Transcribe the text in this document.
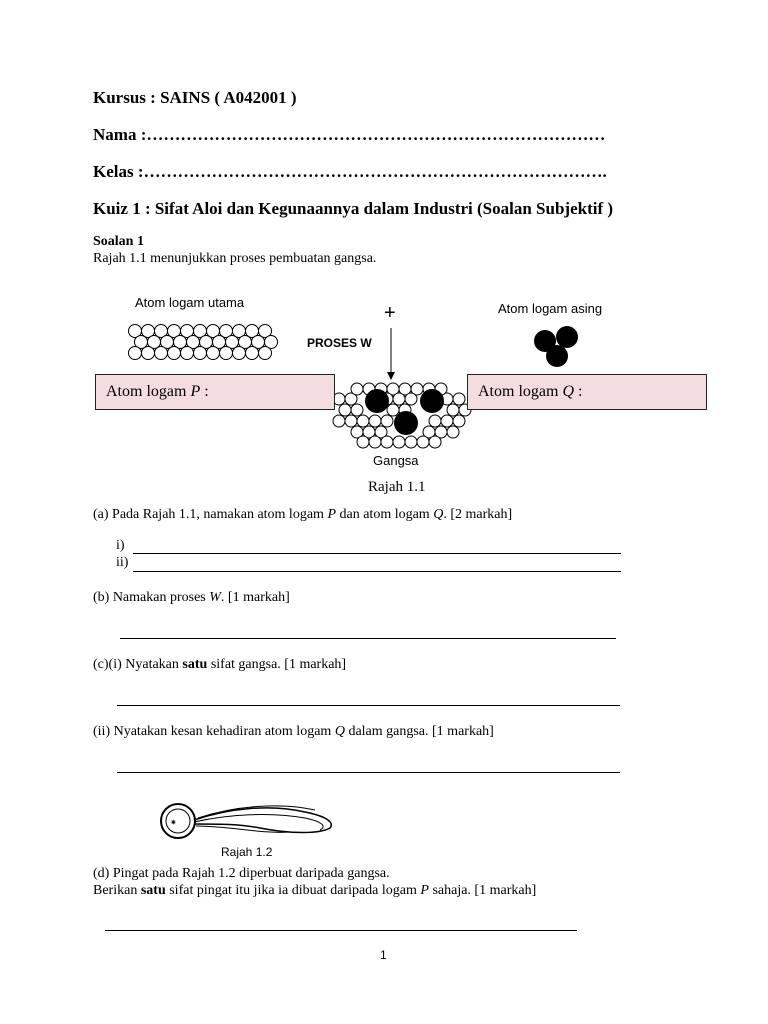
Kursus : SAINS ( A042001 )
Nama :………………………………………………………………………
Kelas :……………………………………………………………………….
Kuiz 1 : Sifat Aloi dan Kegunaannya dalam Industri (Soalan Subjektif )
Soalan 1
Rajah 1.1 menunjukkan proses pembuatan gangsa.
Atom logam utama	Atom logam asing
PROSES W
+
Atom logam P :	Atom logam Q :
Gangsa
Rajah 1.1
(a) Pada Rajah 1.1, namakan atom logam P dan atom logam Q. [2 markah]
i)
ii)
(b) Namakan proses W. [1 markah]
(c)(i) Nyatakan satu sifat gangsa. [1 markah]
(ii) Nyatakan kesan kehadiran atom logam Q dalam gangsa. [1 markah]
✷
Rajah 1.2
(d) Pingat pada Rajah 1.2 diperbuat daripada gangsa.
Berikan satu sifat pingat itu jika ia dibuat daripada logam P sahaja. [1 markah]
1
